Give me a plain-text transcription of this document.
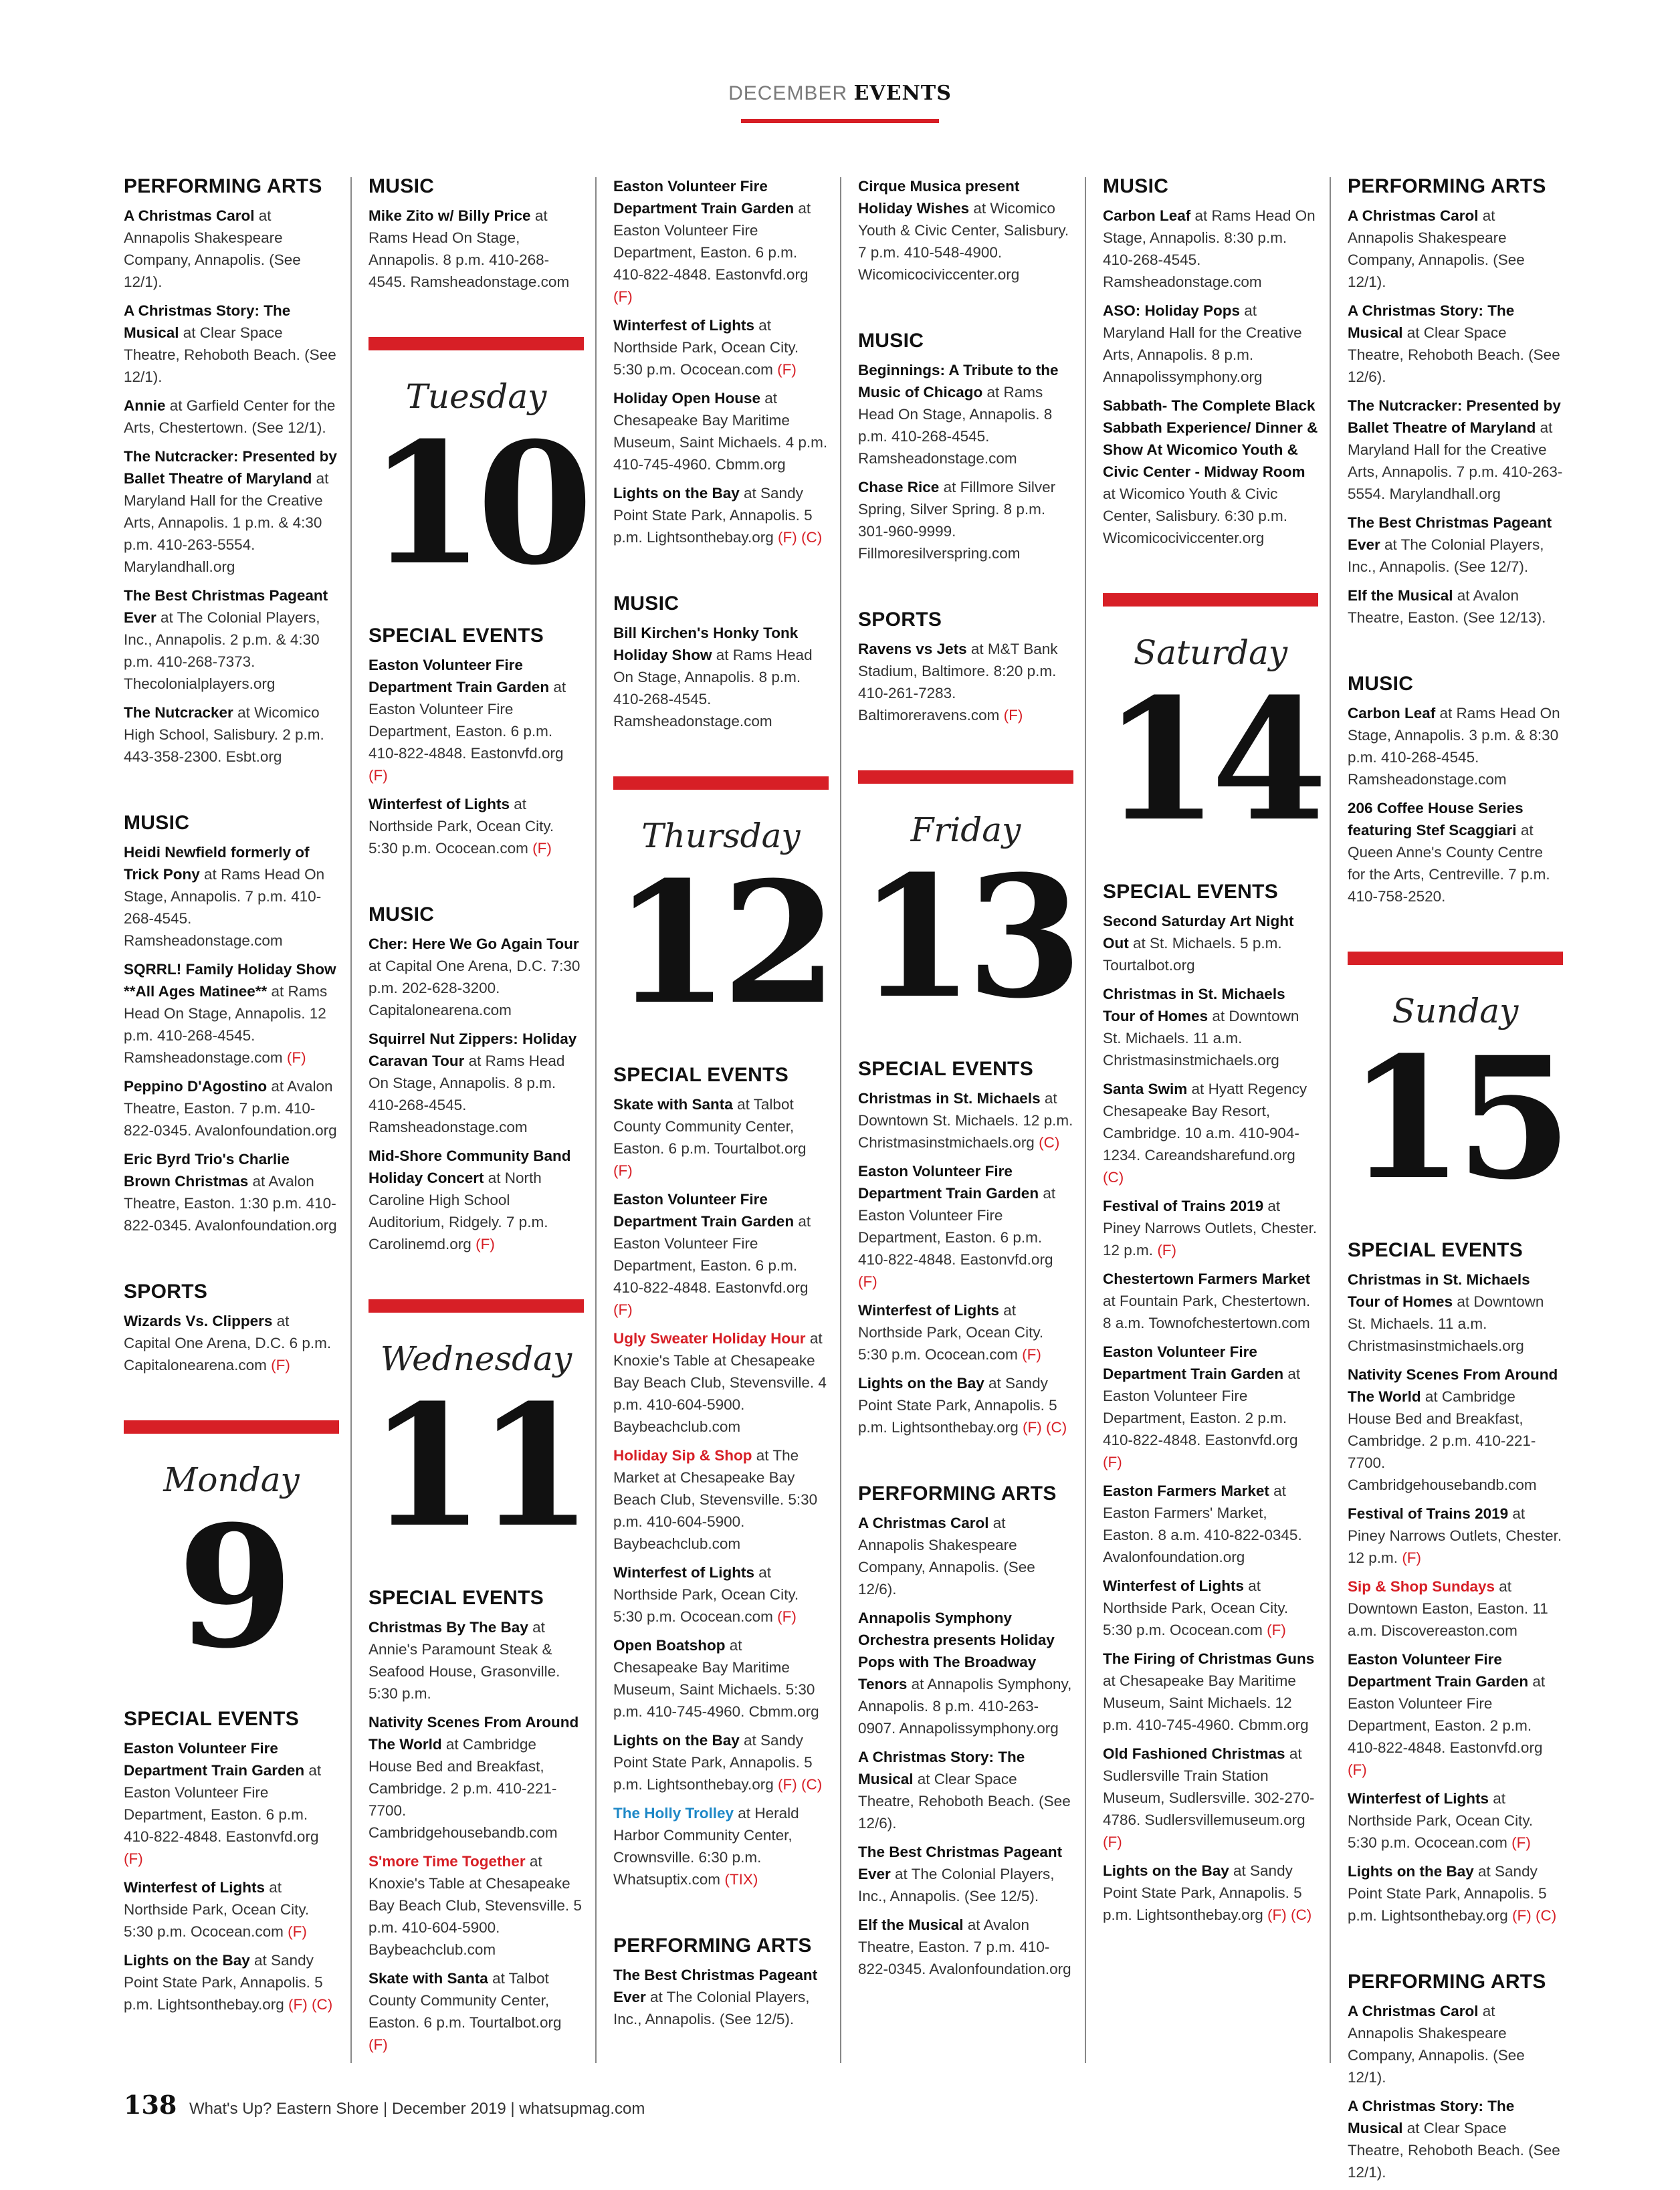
DECEMBER EVENTS
PERFORMING ARTS
A Christmas Carol at Annapolis Shakespeare Company, Annapolis. (See 12/1).
A Christmas Story: The Musical at Clear Space Theatre, Rehoboth Beach. (See 12/1).
Annie at Garfield Center for the Arts, Chestertown. (See 12/1).
The Nutcracker: Presented by Ballet Theatre of Maryland at Maryland Hall for the Creative Arts, Annapolis. 1 p.m. & 4:30 p.m. 410-263-5554. Marylandhall.org
The Best Christmas Pageant Ever at The Colonial Players, Inc., Annapolis. 2 p.m. & 4:30 p.m. 410-268-7373. Thecolonialplayers.org
The Nutcracker at Wicomico High School, Salisbury. 2 p.m. 443-358-2300. Esbt.org
MUSIC
Heidi Newfield formerly of Trick Pony at Rams Head On Stage, Annapolis. 7 p.m. 410-268-4545. Ramsheadonstage.com
SQRRL! Family Holiday Show **All Ages Matinee** at Rams Head On Stage, Annapolis. 12 p.m. 410-268-4545. Ramsheadonstage.com (F)
Peppino D'Agostino at Avalon Theatre, Easton. 7 p.m. 410-822-0345. Avalonfoundation.org
Eric Byrd Trio's Charlie Brown Christmas at Avalon Theatre, Easton. 1:30 p.m. 410-822-0345. Avalonfoundation.org
SPORTS
Wizards Vs. Clippers at Capital One Arena, D.C. 6 p.m. Capitalonearena.com (F)
Monday
9
SPECIAL EVENTS
Easton Volunteer Fire Department Train Garden at Easton Volunteer Fire Department, Easton. 6 p.m. 410-822-4848. Eastonvfd.org (F)
Winterfest of Lights at Northside Park, Ocean City. 5:30 p.m. Ococean.com (F)
Lights on the Bay at Sandy Point State Park, Annapolis. 5 p.m. Lightsonthebay.org (F) (C)
MUSIC
Mike Zito w/ Billy Price at Rams Head On Stage, Annapolis. 8 p.m. 410-268-4545. Ramsheadonstage.com
Tuesday
10
SPECIAL EVENTS
Easton Volunteer Fire Department Train Garden at Easton Volunteer Fire Department, Easton. 6 p.m. 410-822-4848. Eastonvfd.org (F)
Winterfest of Lights at Northside Park, Ocean City. 5:30 p.m. Ococean.com (F)
MUSIC
Cher: Here We Go Again Tour at Capital One Arena, D.C. 7:30 p.m. 202-628-3200. Capitalonearena.com
Squirrel Nut Zippers: Holiday Caravan Tour at Rams Head On Stage, Annapolis. 8 p.m. 410-268-4545. Ramsheadonstage.com
Mid-Shore Community Band Holiday Concert at North Caroline High School Auditorium, Ridgely. 7 p.m. Carolinemd.org (F)
Wednesday
11
SPECIAL EVENTS
Christmas By The Bay at Annie's Paramount Steak & Seafood House, Grasonville. 5:30 p.m.
Nativity Scenes From Around The World at Cambridge House Bed and Breakfast, Cambridge. 2 p.m. 410-221-7700. Cambridgehousebandb.com
S'more Time Together at Knoxie's Table at Chesapeake Bay Beach Club, Stevensville. 5 p.m. 410-604-5900. Baybeachclub.com
Skate with Santa at Talbot County Community Center, Easton. 6 p.m. Tourtalbot.org (F)
Easton Volunteer Fire Department Train Garden at Easton Volunteer Fire Department, Easton. 6 p.m. 410-822-4848. Eastonvfd.org (F)
Winterfest of Lights at Northside Park, Ocean City. 5:30 p.m. Ococean.com (F)
Holiday Open House at Chesapeake Bay Maritime Museum, Saint Michaels. 4 p.m. 410-745-4960. Cbmm.org
Lights on the Bay at Sandy Point State Park, Annapolis. 5 p.m. Lightsonthebay.org (F) (C)
MUSIC
Bill Kirchen's Honky Tonk Holiday Show at Rams Head On Stage, Annapolis. 8 p.m. 410-268-4545. Ramsheadonstage.com
Thursday
12
SPECIAL EVENTS
Skate with Santa at Talbot County Community Center, Easton. 6 p.m. Tourtalbot.org (F)
Easton Volunteer Fire Department Train Garden at Easton Volunteer Fire Department, Easton. 6 p.m. 410-822-4848. Eastonvfd.org (F)
Ugly Sweater Holiday Hour at Knoxie's Table at Chesapeake Bay Beach Club, Stevensville. 4 p.m. 410-604-5900. Baybeachclub.com
Holiday Sip & Shop at The Market at Chesapeake Bay Beach Club, Stevensville. 5:30 p.m. 410-604-5900. Baybeachclub.com
Winterfest of Lights at Northside Park, Ocean City. 5:30 p.m. Ococean.com (F)
Open Boatshop at Chesapeake Bay Maritime Museum, Saint Michaels. 5:30 p.m. 410-745-4960. Cbmm.org
Lights on the Bay at Sandy Point State Park, Annapolis. 5 p.m. Lightsonthebay.org (F) (C)
The Holly Trolley at Herald Harbor Community Center, Crownsville. 6:30 p.m. Whatsuptix.com (TIX)
PERFORMING ARTS
The Best Christmas Pageant Ever at The Colonial Players, Inc., Annapolis. (See 12/5).
Cirque Musica present Holiday Wishes at Wicomico Youth & Civic Center, Salisbury. 7 p.m. 410-548-4900. Wicomicociviccenter.org
MUSIC
Beginnings: A Tribute to the Music of Chicago at Rams Head On Stage, Annapolis. 8 p.m. 410-268-4545. Ramsheadonstage.com
Chase Rice at Fillmore Silver Spring, Silver Spring. 8 p.m. 301-960-9999. Fillmoresilverspring.com
SPORTS
Ravens vs Jets at M&T Bank Stadium, Baltimore. 8:20 p.m. 410-261-7283. Baltimoreravens.com (F)
Friday
13
SPECIAL EVENTS
Christmas in St. Michaels at Downtown St. Michaels. 12 p.m. Christmasinstmichaels.org (C)
Easton Volunteer Fire Department Train Garden at Easton Volunteer Fire Department, Easton. 6 p.m. 410-822-4848. Eastonvfd.org (F)
Winterfest of Lights at Northside Park, Ocean City. 5:30 p.m. Ococean.com (F)
Lights on the Bay at Sandy Point State Park, Annapolis. 5 p.m. Lightsonthebay.org (F) (C)
PERFORMING ARTS
A Christmas Carol at Annapolis Shakespeare Company, Annapolis. (See 12/6).
Annapolis Symphony Orchestra presents Holiday Pops with The Broadway Tenors at Annapolis Symphony, Annapolis. 8 p.m. 410-263-0907. Annapolissymphony.org
A Christmas Story: The Musical at Clear Space Theatre, Rehoboth Beach. (See 12/6).
The Best Christmas Pageant Ever at The Colonial Players, Inc., Annapolis. (See 12/5).
Elf the Musical at Avalon Theatre, Easton. 7 p.m. 410-822-0345. Avalonfoundation.org
MUSIC
Carbon Leaf at Rams Head On Stage, Annapolis. 8:30 p.m. 410-268-4545. Ramsheadonstage.com
ASO: Holiday Pops at Maryland Hall for the Creative Arts, Annapolis. 8 p.m. Annapolissymphony.org
Sabbath- The Complete Black Sabbath Experience/ Dinner & Show At Wicomico Youth & Civic Center - Midway Room at Wicomico Youth & Civic Center, Salisbury. 6:30 p.m. Wicomicociviccenter.org
Saturday
14
SPECIAL EVENTS
Second Saturday Art Night Out at St. Michaels. 5 p.m. Tourtalbot.org
Christmas in St. Michaels Tour of Homes at Downtown St. Michaels. 11 a.m. Christmasinstmichaels.org
Santa Swim at Hyatt Regency Chesapeake Bay Resort, Cambridge. 10 a.m. 410-904-1234. Careandsharefund.org (C)
Festival of Trains 2019 at Piney Narrows Outlets, Chester. 12 p.m. (F)
Chestertown Farmers Market at Fountain Park, Chestertown. 8 a.m. Townofchestertown.com
Easton Volunteer Fire Department Train Garden at Easton Volunteer Fire Department, Easton. 2 p.m. 410-822-4848. Eastonvfd.org (F)
Easton Farmers Market at Easton Farmers' Market, Easton. 8 a.m. 410-822-0345. Avalonfoundation.org
Winterfest of Lights at Northside Park, Ocean City. 5:30 p.m. Ococean.com (F)
The Firing of Christmas Guns at Chesapeake Bay Maritime Museum, Saint Michaels. 12 p.m. 410-745-4960. Cbmm.org
Old Fashioned Christmas at Sudlersville Train Station Museum, Sudlersville. 302-270-4786. Sudlersvillemuseum.org (F)
Lights on the Bay at Sandy Point State Park, Annapolis. 5 p.m. Lightsonthebay.org (F) (C)
PERFORMING ARTS
A Christmas Carol at Annapolis Shakespeare Company, Annapolis. (See 12/1).
A Christmas Story: The Musical at Clear Space Theatre, Rehoboth Beach. (See 12/6).
The Nutcracker: Presented by Ballet Theatre of Maryland at Maryland Hall for the Creative Arts, Annapolis. 7 p.m. 410-263-5554. Marylandhall.org
The Best Christmas Pageant Ever at The Colonial Players, Inc., Annapolis. (See 12/7).
Elf the Musical at Avalon Theatre, Easton. (See 12/13).
MUSIC
Carbon Leaf at Rams Head On Stage, Annapolis. 3 p.m. & 8:30 p.m. 410-268-4545. Ramsheadonstage.com
206 Coffee House Series featuring Stef Scaggiari at Queen Anne's County Centre for the Arts, Centreville. 7 p.m. 410-758-2520.
Sunday
15
SPECIAL EVENTS
Christmas in St. Michaels Tour of Homes at Downtown St. Michaels. 11 a.m. Christmasinstmichaels.org
Nativity Scenes From Around The World at Cambridge House Bed and Breakfast, Cambridge. 2 p.m. 410-221-7700. Cambridgehousebandb.com
Festival of Trains 2019 at Piney Narrows Outlets, Chester. 12 p.m. (F)
Sip & Shop Sundays at Downtown Easton, Easton. 11 a.m. Discovereaston.com
Easton Volunteer Fire Department Train Garden at Easton Volunteer Fire Department, Easton. 2 p.m. 410-822-4848. Eastonvfd.org (F)
Winterfest of Lights at Northside Park, Ocean City. 5:30 p.m. Ococean.com (F)
Lights on the Bay at Sandy Point State Park, Annapolis. 5 p.m. Lightsonthebay.org (F) (C)
PERFORMING ARTS
A Christmas Carol at Annapolis Shakespeare Company, Annapolis. (See 12/1).
A Christmas Story: The Musical at Clear Space Theatre, Rehoboth Beach. (See 12/1).
138 What's Up? Eastern Shore | December 2019 | whatsupmag.com
